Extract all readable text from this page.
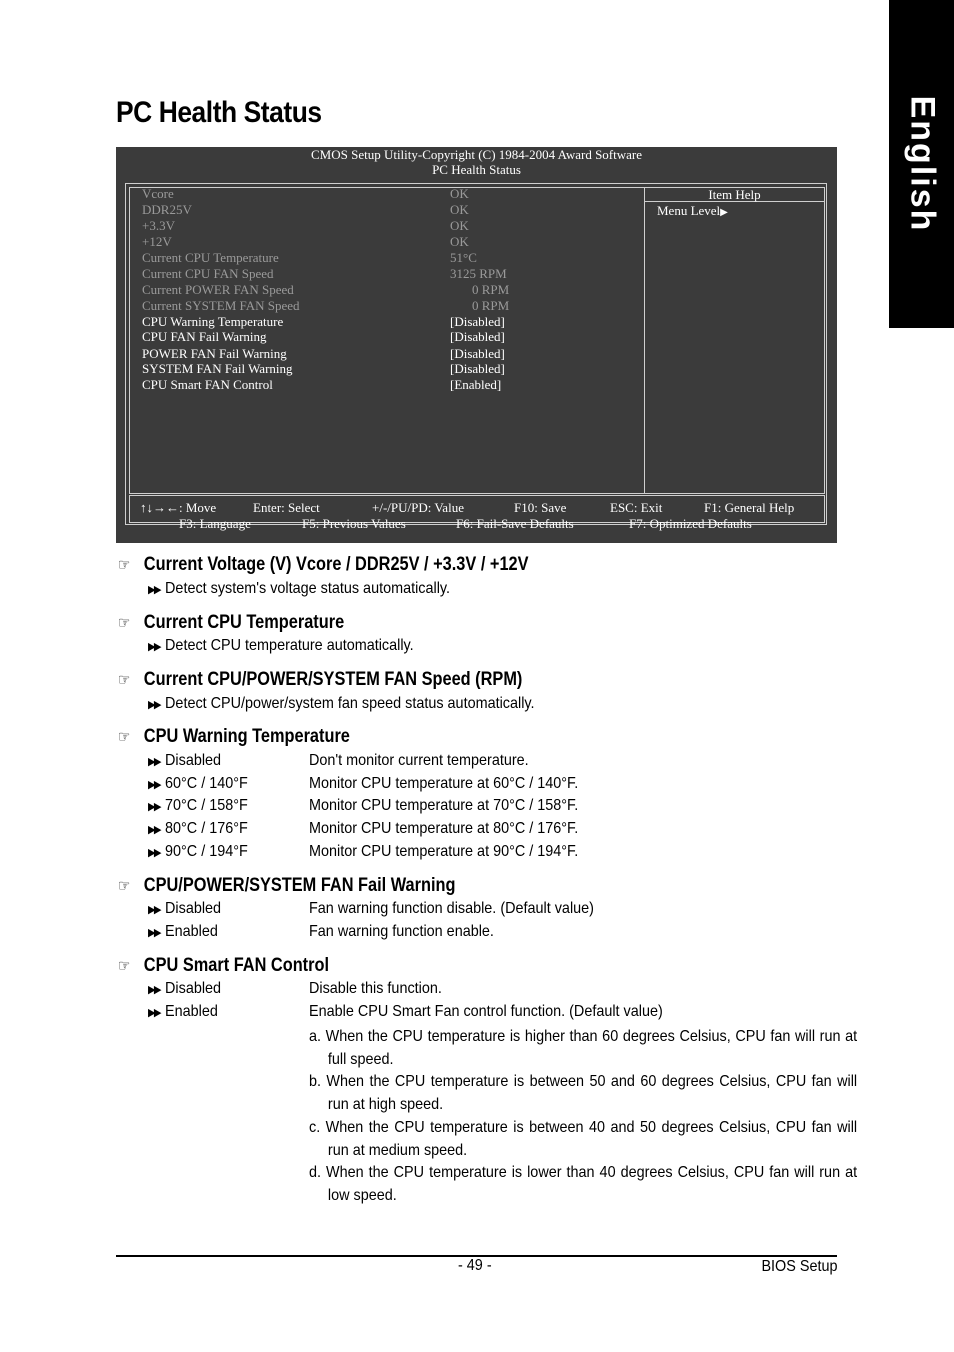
English
PC Health Status
CMOS Setup Utility-Copyright (C) 1984-2004 Award Software
PC Health Status
Vcore	OK
DDR25V	OK
+3.3V	OK
+12V	OK
Current CPU Temperature	51°C
Current CPU FAN Speed	3125 RPM
Current POWER FAN Speed	0 RPM
Current SYSTEM FAN Speed	0 RPM
CPU Warning Temperature	[Disabled]
CPU FAN Fail Warning	[Disabled]
POWER FAN Fail Warning	[Disabled]
SYSTEM FAN Fail Warning	[Disabled]
CPU Smart FAN Control	[Enabled]
Item Help
Menu Level▶
↑↓→←: Move	Enter: Select	+/-/PU/PD: Value	F10: Save	ESC: Exit	F1: General Help
F3: Language	F5: Previous Values	F6: Fail-Save Defaults	F7: Optimized Defaults
☞ Current Voltage (V) Vcore / DDR25V / +3.3V / +12V
▶▶ Detect system's voltage status automatically.
☞ Current CPU Temperature
▶▶ Detect CPU temperature automatically.
☞ Current CPU/POWER/SYSTEM FAN Speed (RPM)
▶▶ Detect CPU/power/system fan speed status automatically.
☞ CPU Warning Temperature
▶▶ Disabled	Don't monitor current temperature.
▶▶ 60°C / 140°F	Monitor CPU temperature at 60°C / 140°F.
▶▶ 70°C / 158°F	Monitor CPU temperature at 70°C / 158°F.
▶▶ 80°C / 176°F	Monitor CPU temperature at 80°C / 176°F.
▶▶ 90°C / 194°F	Monitor CPU temperature at 90°C / 194°F.
☞ CPU/POWER/SYSTEM FAN Fail Warning
▶▶ Disabled	Fan warning function disable. (Default value)
▶▶ Enabled	Fan warning function enable.
☞ CPU Smart FAN Control
▶▶ Disabled	Disable this function.
▶▶ Enabled	Enable CPU Smart Fan control function. (Default value)
a. When the CPU temperature is higher than 60 degrees Celsius, CPU fan will run at full speed.
b. When the CPU temperature is between 50 and 60 degrees Celsius, CPU fan will run at high speed.
c. When the CPU temperature is between 40 and 50 degrees Celsius, CPU fan will run at medium speed.
d. When the CPU temperature is lower than 40 degrees Celsius, CPU fan will run at low speed.
- 49 -	BIOS Setup
